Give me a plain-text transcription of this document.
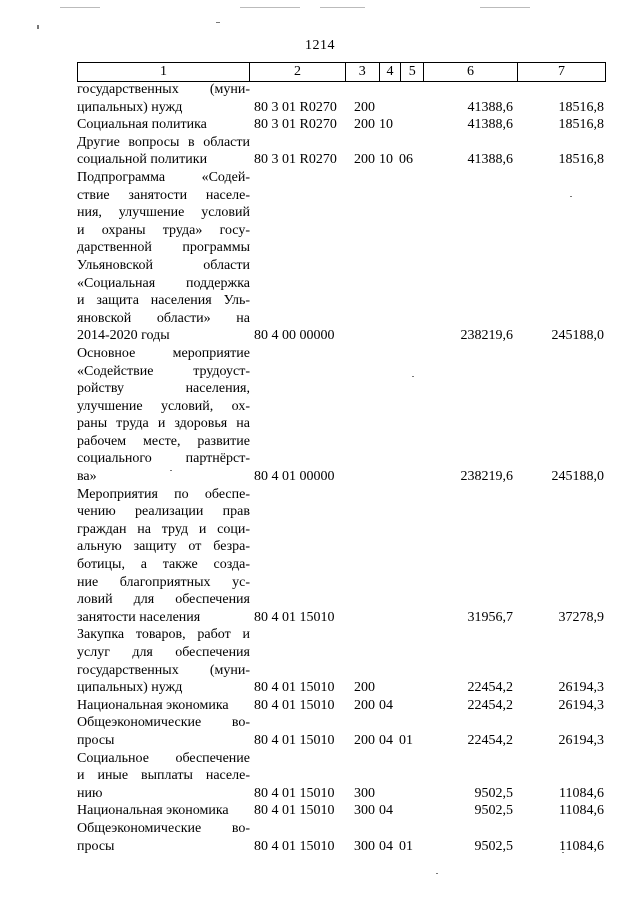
1214
1	2	3	4	5	6	7
государственных (муни-
ципальных) нужд	80 3 01 R0270	200	41388,6	18516,8
Социальная политика	80 3 01 R0270	200 10	41388,6	18516,8
Другие вопросы в области
социальной политики	80 3 01 R0270	200 10 06	41388,6	18516,8
Подпрограмма «Содей-
ствие занятости населе-
ния, улучшение условий
и охраны труда» госу-
дарственной программы
Ульяновской области
«Социальная поддержка
и защита населения Уль-
яновской области» на
2014-2020 годы	80 4 00 00000	238219,6	245188,0
Основное мероприятие
«Содействие трудоуст-
ройству населения,
улучшение условий, ох-
раны труда и здоровья на
рабочем месте, развитие
социального партнёрст-
ва»	80 4 01 00000	238219,6	245188,0
Мероприятия по обеспе-
чению реализации прав
граждан на труд и соци-
альную защиту от безра-
ботицы, а также созда-
ние благоприятных ус-
ловий для обеспечения
занятости населения	80 4 01 15010	31956,7	37278,9
Закупка товаров, работ и
услуг для обеспечения
государственных (муни-
ципальных) нужд	80 4 01 15010	200	22454,2	26194,3
Национальная экономика	80 4 01 15010	200 04	22454,2	26194,3
Общеэкономические во-
просы	80 4 01 15010	200 04 01	22454,2	26194,3
Социальное обеспечение
и иные выплаты населе-
нию	80 4 01 15010	300	9502,5	11084,6
Национальная экономика	80 4 01 15010	300 04	9502,5	11084,6
Общеэкономические во-
просы	80 4 01 15010	300 04 01	9502,5	11084,6
